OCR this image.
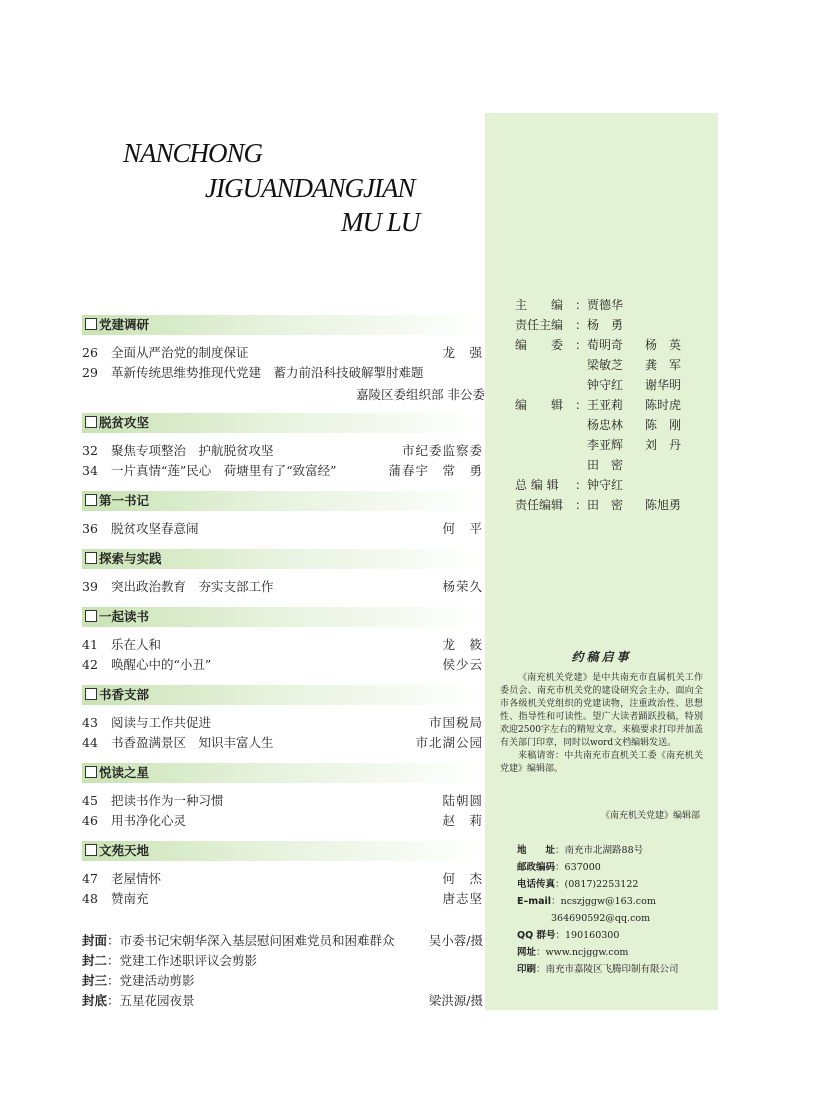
NANCHONG
JIGUANDANGJIAN
MU LU
党建调研
26 全面从严治党的制度保证	龙　强
29 革新传统思维势推现代党建　蓄力前沿科技破解掣肘难题
嘉陵区委组织部 非公委
脱贫攻坚
32 聚焦专项整治　护航脱贫攻坚	市纪委监察委
34 一片真情“莲”民心　荷塘里有了“致富经”	蒲春宇　常　勇
第一书记
36 脱贫攻坚春意闹	何　平
探索与实践
39 突出政治教育　夯实支部工作	杨荣久
一起读书
41 乐在人和	龙　筱
42 唤醒心中的“小丑”	侯少云
书香支部
43 阅读与工作共促进	市国税局
44 书香盈满景区　知识丰富人生	市北湖公园
悦读之星
45 把读书作为一种习惯	陆朝圆
46 用书净化心灵	赵　莉
文苑天地
47 老屋情怀	何　杰
48 赞南充	唐志坚
封面：市委书记宋朝华深入基层慰问困难党员和困难群众	吴小蓉/摄
封二：党建工作述职评议会剪影
封三：党建活动剪影
封底：五星花园夜景	梁洪源/摄
主　　编 ：贾德华
责任主编 ：杨　勇
编　　委 ：荀明奇 杨　英
　梁敏芝 龚　军
　钟守红 谢华明
编　　辑 ：王亚莉 陈时虎
　杨忠林 陈　刚
　李亚辉 刘　丹
　田　密
总 编 辑 ：钟守红
责任编辑 ：田　密 陈旭勇
约稿启事

《南充机关党建》是中共南充市直属机关工作委员会、南充市机关党的建设研究会主办，面向全市各级机关党组织的党建读物，注重政治性、思想性、指导性和可读性。望广大读者踊跃投稿，特别欢迎2500字左右的精短文章。来稿要求打印并加盖有关部门印章，同时以word文档编辑发送。

来稿请寄：中共南充市直机关工委《南充机关党建》编辑部。

《南充机关党建》编辑部
地　　址：南充市北湖路88号
邮政编码：637000
电话传真：(0817)2253122
E–mail：ncszjggw@163.com
3646905​92@qq.com
QQ 群号：190160300
网址：www.ncjggw.com
印刷：南充市嘉陵区飞腾印制有限公司
